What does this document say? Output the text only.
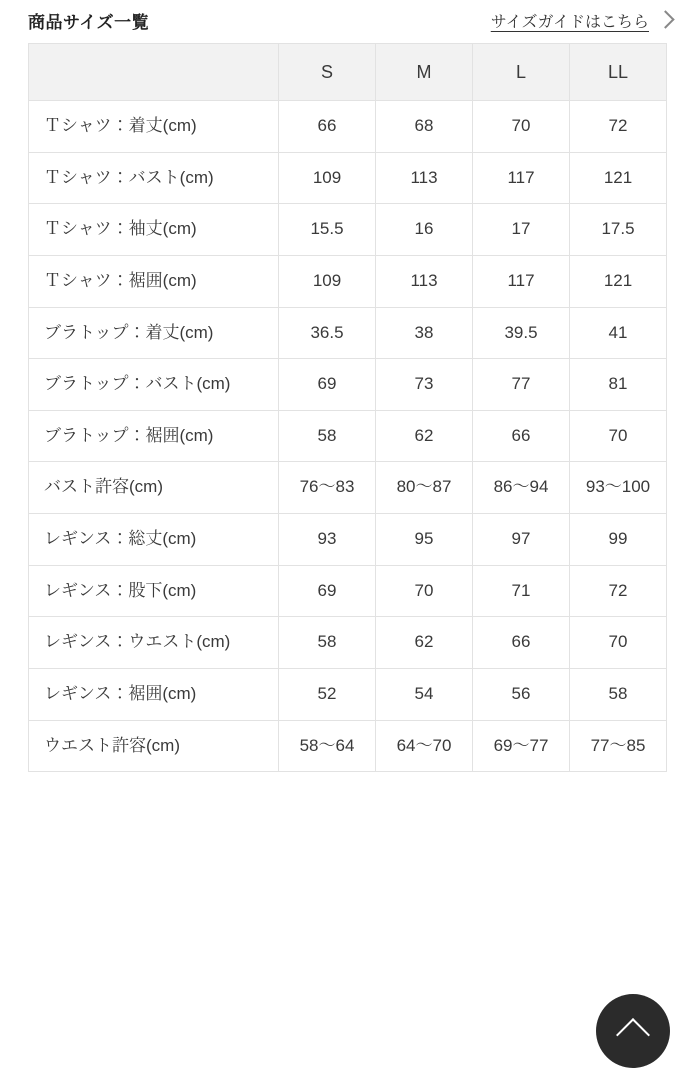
商品サイズ一覧	サイズガイドはこちら
	S	M	L	LL
Ｔシャツ：着丈(cm)	66	68	70	72
Ｔシャツ：バスト(cm)	109	113	117	121
Ｔシャツ：袖丈(cm)	15.5	16	17	17.5
Ｔシャツ：裾囲(cm)	109	113	117	121
ブラトップ：着丈(cm)	36.5	38	39.5	41
ブラトップ：バスト(cm)	69	73	77	81
ブラトップ：裾囲(cm)	58	62	66	70
バスト許容(cm)	76〜83	80〜87	86〜94	93〜100
レギンス：総丈(cm)	93	95	97	99
レギンス：股下(cm)	69	70	71	72
レギンス：ウエスト(cm)	58	62	66	70
レギンス：裾囲(cm)	52	54	56	58
ウエスト許容(cm)	58〜64	64〜70	69〜77	77〜85
